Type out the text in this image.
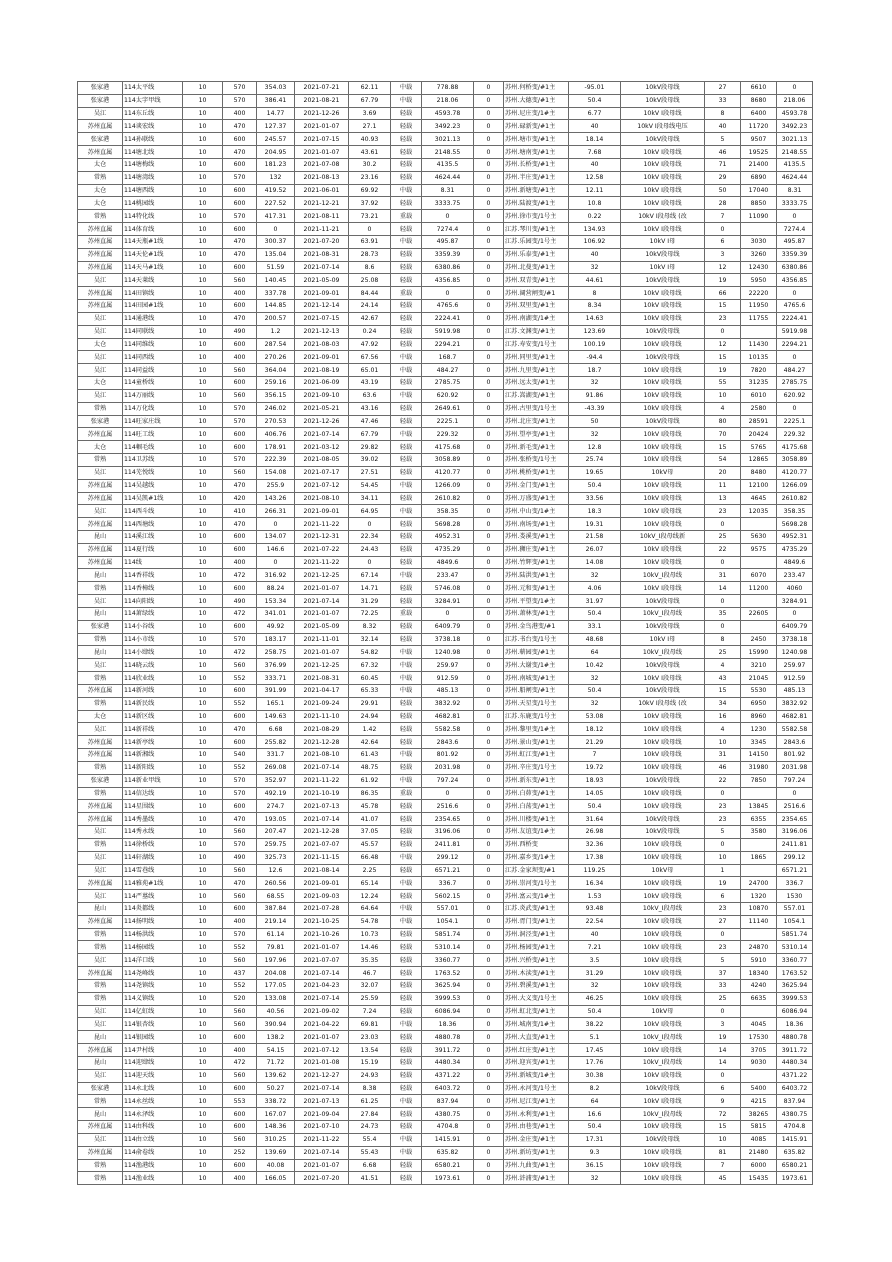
张家港	114太平线	10	570	354.03	2021-07-21	62.11	中载	778.88	0	苏州.何桥变/#1主	-95.01	10kV段母线	27	6610	0
张家港	114太字甲线	10	570	386.41	2021-08-21	67.79	中载	218.06	0	苏州.大德变/#1主	50.4	10kV段母线	33	8680	218.06
吴江	114东丘线	10	400	14.77	2021-12-26	3.69	轻载	4593.78	0	苏州.尼庄变/1#主	6.77	10kV I段母线	8	6400	4593.78
苏州直属	114谈宏线	10	470	127.37	2021-01-07	27.1	轻载	3492.23	0	苏州.碌新变/#1主	40	10kV I段母线电压	40	11720	3492.23
张家港	114孙联线	10	600	245.57	2021-07-15	40.93	轻载	3021.13	0	苏州.塘市变/#1主	18.14	10kV段母线	5	9507	3021.13
苏州直属	114塘北线	10	470	204.95	2021-01-07	43.61	轻载	2148.55	0	苏州.塘南变/#1主	7.68	10kV I段母线	46	19525	2148.55
太仓	114塘梅线	10	600	181.23	2021-07-08	30.2	轻载	4135.5	0	苏州.长桥变/#1主	40	10kV I段母线	71	21400	4135.5
常熟	114塘湾线	10	570	132	2021-08-13	23.16	轻载	4624.44	0	苏州.半庄变/#1主	12.58	10kV I段母线	29	6890	4624.44
太仓	114塘西线	10	600	419.52	2021-06-01	69.92	中载	8.31	0	苏州.新塘变/#1主	12.11	10kV I段母线	50	17040	8.31
太仓	114桃园线	10	600	227.52	2021-12-21	37.92	轻载	3333.75	0	苏州.陆渡变/#1主	10.8	10kV I段母线	28	8850	3333.75
常熟	114特化线	10	570	417.31	2021-08-11	73.21	重载	0	0	苏州.徐市变/1号主	0.22	10kV I段母线 (改	7	11090	0
苏州直属	114体育线	10	600	0	2021-11-21	0	轻载	7274.4	0	江苏.琴川变/#1主	134.93	10kV I段母线	0		7274.4
苏州直属	114天瓶#1线	10	470	300.37	2021-07-20	63.91	中载	495.87	0	江苏.乐园变/1号主	106.92	10kV I母	6	3030	495.87
苏州直属	114天伦#1线	10	470	135.04	2021-08-31	28.73	轻载	3359.39	0	苏州.乐泰变/#1主	40	10kV段母线	3	3260	3359.39
苏州直属	114天马#1线	10	600	51.59	2021-07-14	8.6	轻载	6380.86	0	苏州.北曼变/#1主	32	10kV I母	12	12430	6380.86
吴江	114天莱线	10	560	140.45	2021-05-09	25.08	轻载	4356.85	0	苏州.双青变/#1主	44.61	10kV段母线	19	5950	4356.85
苏州直属	114田镇线	10	400	337.78	2021-09-01	84.44	重载	0	0	苏州.阔营闸变/#1	8	10kV I段母线	66	22220	0
苏州直属	114田园#1线	10	600	144.85	2021-12-14	24.14	轻载	4765.6	0	苏州.双里变/#1主	8.34	10kV I段母线	15	11950	4765.6
吴江	114通港线	10	470	200.57	2021-07-15	42.67	轻载	2224.41	0	苏州.南湖变/1#主	14.63	10kV I段母线	23	11755	2224.41
吴江	114同联线	10	490	1.2	2021-12-13	0.24	轻载	5919.98	0	江苏.文渊变/#1主	123.69	10kV段母线	0		5919.98
太仓	114同维线	10	600	287.54	2021-08-03	47.92	轻载	2294.21	0	江苏.寿安变/1号主	100.19	10kV I段母线	12	11430	2294.21
吴江	114同西线	10	400	270.26	2021-09-01	67.56	中载	168.7	0	苏州.同里变/#1主	-94.4	10kV段母线	15	10135	0
吴江	114同益线	10	560	364.04	2021-08-19	65.01	中载	484.27	0	苏州.九里变/#1主	18.7	10kV I段母线	19	7820	484.27
太仓	114童桥线	10	600	259.16	2021-06-09	43.19	轻载	2785.75	0	苏州.远太变/#1主	32	10kV I段母线	55	31235	2785.75
吴江	114万丽线	10	560	356.15	2021-09-10	63.6	中载	620.92	0	江苏.嵩湖变/#1主	91.86	10kV I段母线	10	6010	620.92
常熟	114万化线	10	570	246.02	2021-05-21	43.16	轻载	2649.61	0	苏州.古里变/1号主	-43.39	10kV I段母线	4	2580	0
张家港	114旺家庄线	10	570	270.53	2021-12-26	47.46	轻载	2225.1	0	苏州.北庄变/#1主	50	10kV段母线	80	28591	2225.1
苏州直属	114旺工线	10	600	406.76	2021-07-14	67.79	中载	229.32	0	苏州.望亭变/#1主	32	10kV I段母线	70	20424	229.32
太仓	114帼毛线	10	600	178.91	2021-03-12	29.82	轻载	4175.68	0	苏州.新毛变/#1主	12.8	10kV I段母线	15	5765	4175.68
常熟	114卫苏线	10	570	222.39	2021-08-05	39.02	轻载	3058.89	0	苏州.张桥变/1号主	25.74	10kV I段母线	54	12865	3058.89
吴江	114芜悦线	10	560	154.08	2021-07-17	27.51	轻载	4120.77	0	苏州.桃桥变/#1主	19.65	10kV母	20	8480	4120.77
苏州直属	114吴越线	10	470	255.9	2021-07-12	54.45	中载	1266.09	0	苏州.金门变/#1主	50.4	10kV I段母线	11	12100	1266.09
苏州直属	114吴凯#1线	10	420	143.26	2021-08-10	34.11	轻载	2610.82	0	苏州.万盛变/#1主	33.56	10kV I段母线	13	4645	2610.82
吴江	114西斗线	10	410	266.31	2021-09-01	64.95	中载	358.35	0	苏州.中山变/1#主	18.3	10kV I段母线	23	12035	358.35
苏州直属	114西塘线	10	470	0	2021-11-22	0	轻载	5698.28	0	苏州.南场变/#1主	19.31	10kV I段母线	0		5698.28
昆山	114溪江线	10	600	134.07	2021-12-31	22.34	轻载	4952.31	0	苏州.娄溪变/#1主	21.58	10kV_I段母线新	25	5630	4952.31
苏州直属	114夏行线	10	600	146.6	2021-07-22	24.43	轻载	4735.29	0	苏州.狮庄变/#1主	26.07	10kV I段母线	22	9575	4735.29
苏州直属	114线	10	400	0	2021-11-22	0	轻载	4849.6	0	苏州.竹辉变/#1主	14.08	10kV I段母线	0		4849.6
昆山	114香祥线	10	472	316.92	2021-12-25	67.14	中载	233.47	0	苏州.陆洪变/#1主	32	10kV_I段母线	31	6070	233.47
常熟	114香樟线	10	600	88.24	2021-01-07	14.71	轻载	5746.08	0	苏州.元和变/#1主	4.06	10kV I段母线	14	11200	4060
吴江	114向阳线	10	490	153.34	2021-07-14	31.29	轻载	3284.91	0	苏州.平望变/1#主	31.97	10kV段母线	0		3284.91
昆山	114萧绿线	10	472	341.01	2021-01-07	72.25	重载	0	0	苏州.萧林变/#1主	50.4	10kV_I段母线	35	22605	0
张家港	114小谷线	10	600	49.92	2021-05-09	8.32	轻载	6409.79	0	苏州.金鸟港变/#1	33.1	10kV段母线	0		6409.79
常熟	114小市线	10	570	183.17	2021-11-01	32.14	轻载	3738.18	0	江苏.书台变/1号主	48.68	10kV I母	8	2450	3738.18
昆山	114小肆线	10	472	258.75	2021-01-07	54.82	中载	1240.98	0	苏州.蕲园变/#1主	64	10kV_I段母线	25	15990	1240.98
吴江	114晓云线	10	560	376.99	2021-12-25	67.32	中载	259.97	0	苏州.大谢变/1#主	10.42	10kV段母线	4	3210	259.97
常熟	114欣业线	10	552	333.71	2021-08-31	60.45	中载	912.59	0	苏州.南城变/#1主	32	10kV I段母线	43	21045	912.59
苏州直属	114新河线	10	600	391.99	2021-04-17	65.33	中载	485.13	0	苏州.船闸变/#1主	50.4	10kV段母线	15	5530	485.13
常熟	114新民线	10	552	165.1	2021-09-24	29.91	轻载	3832.92	0	苏州.天星变/1号主	32	10kV I段母线 (改	34	6950	3832.92
太仓	114新区线	10	600	149.63	2021-11-10	24.94	轻载	4682.81	0	江苏.东鹿变/1号主	53.08	10kV I段母线	16	8960	4682.81
吴江	114新祥线	10	470	6.68	2021-08-29	1.42	轻载	5582.58	0	苏州.黎里变/1#主	18.12	10kV I段母线	4	1230	5582.58
苏州直属	114新亭线	10	600	255.82	2021-12-28	42.64	轻载	2843.6	0	苏州.景山变/#1主	21.29	10kV I段母线	10	3345	2843.6
苏州直属	114新湘线	10	540	331.7	2021-08-10	61.43	中载	801.92	0	苏州.虹江变/#1主	7	10kV I段母线	31	14150	801.92
常熟	114新阳线	10	552	269.08	2021-07-14	48.75	轻载	2031.98	0	苏州.辛庄变/1号主	19.72	10kV I段母线	46	31980	2031.98
张家港	114新业甲线	10	570	352.97	2021-11-22	61.92	中载	797.24	0	苏州.新东变/#1主	18.93	10kV段母线	22	7850	797.24
常熟	114信达线	10	570	492.19	2021-10-19	86.35	重载	0	0	苏州.白茆变/#1主	14.05	10kV I段母线	0		0
苏州直属	114星围线	10	600	274.7	2021-07-13	45.78	轻载	2516.6	0	苏州.白荡变/#1主	50.4	10kV I段母线	23	13845	2516.6
苏州直属	114秀墨线	10	470	193.05	2021-07-14	41.07	轻载	2354.65	0	苏州.川楼变/#1主	31.64	10kV段母线	23	6355	2354.65
吴江	114秀永线	10	560	207.47	2021-12-28	37.05	轻载	3196.06	0	苏州.友谊变/1#主	26.98	10kV段母线	5	3580	3196.06
常熟	114徐桥线	10	570	259.75	2021-07-07	45.57	轻载	2411.81	0	苏州.西桥变	32.36	10kV I段母线	0		2411.81
吴江	114轩湖线	10	490	325.73	2021-11-15	66.48	中载	299.12	0	苏州.嘉乡变/1#主	17.38	10kV I段母线	10	1865	299.12
吴江	114雪巷线	10	560	12.6	2021-08-14	2.25	轻载	6571.21	0	江苏.金家坝变/#1	119.25	10kV母	1		6571.21
苏州直属	114雅苑#1线	10	470	260.56	2021-09-01	65.14	中载	336.7	0	苏州.崇河变/1号主	16.34	10kV I段母线	19	24700	336.7
吴江	114严墓线	10	560	68.55	2021-09-03	12.24	轻载	5602.15	0	苏州.富云变/1#主	1.53	10kV I段母线	6	1320	1530
昆山	114炎都线	10	600	387.84	2021-07-28	64.64	中载	557.01	0	江苏.炎武变/#1主	93.48	10kV_I段母线	23	10870	557.01
苏州直属	114扬明线	10	400	219.14	2021-10-25	54.78	中载	1054.1	0	苏州.胥门变/#1主	22.54	10kV I段母线	27	11140	1054.1
常熟	114杨洪线	10	570	61.14	2021-10-26	10.73	轻载	5851.74	0	苏州.洞泾变/#1主	40	10kV I段母线	0		5851.74
常熟	114杨园线	10	552	79.81	2021-01-07	14.46	轻载	5310.14	0	苏州.杨园变/#1主	7.21	10kV I段母线	23	24870	5310.14
吴江	114洋口线	10	560	197.96	2021-07-07	35.35	轻载	3360.77	0	苏州.兴桥变/#1主	3.5	10kV I段母线	5	5910	3360.77
苏州直属	114尧峰线	10	437	204.08	2021-07-14	46.7	轻载	1763.52	0	苏州.木渎变/#1主	31.29	10kV I段母线	37	18340	1763.52
常熟	114尧镇线	10	552	177.05	2021-04-23	32.07	轻载	3625.94	0	苏州.碧溪变/#1主	32	10kV I段母线	33	4240	3625.94
常熟	114义镇线	10	520	133.08	2021-07-14	25.59	轻载	3999.53	0	苏州.大义变/1号主	46.25	10kV I段母线	25	6635	3999.53
吴江	114亿虹线	10	560	40.56	2021-09-02	7.24	轻载	6086.94	0	苏州.虹北变/#1主	50.4	10kV母	0		6086.94
吴江	114银杏线	10	560	390.94	2021-04-22	69.81	中载	18.36	0	苏州.城南变/1#主	38.22	10kV I段母线	3	4045	18.36
昆山	114银园线	10	600	138.2	2021-01-07	23.03	轻载	4880.78	0	苏州.大直变/#1主	5.1	10kV_I段母线	19	17530	4880.78
苏州直属	114尹村线	10	400	54.15	2021-07-12	13.54	轻载	3911.72	0	苏州.红庄变/#1主	17.45	10kV I段母线	14	3705	3911.72
昆山	114迎肆线	10	472	71.72	2021-01-08	15.19	轻载	4480.34	0	苏州.迎宾变/#1主	17.76	10kV_I段母线	14	9030	4480.34
吴江	114迎天线	10	560	139.62	2021-12-27	24.93	轻载	4371.22	0	苏州.新城变/1#主	30.38	10kV I段母线	0		4371.22
张家港	114永北线	10	600	50.27	2021-07-14	8.38	轻载	6403.72	0	苏州.永河变/1号主	8.2	10kV段母线	6	5400	6403.72
常熟	114永丝线	10	553	338.72	2021-07-13	61.25	中载	837.94	0	苏州.尼江变/#1主	64	10kV I段母线	9	4215	837.94
昆山	114永泽线	10	600	167.07	2021-09-04	27.84	轻载	4380.75	0	苏州.永利变/#1主	16.6	10kV_I段母线	72	38265	4380.75
苏州直属	114由科线	10	600	148.36	2021-07-10	24.73	轻载	4704.8	0	苏州.由巷变/#1主	50.4	10kV I段母线	15	5815	4704.8
吴江	114由立线	10	560	310.25	2021-11-22	55.4	中载	1415.91	0	苏州.金庄变/#1主	17.31	10kV段母线	10	4085	1415.91
苏州直属	114俞卷线	10	252	139.69	2021-07-14	55.43	中载	635.82	0	苏州.新坊变/#1主	9.3	10kV I段母线	81	21480	635.82
常熟	114渔港线	10	600	40.08	2021-01-07	6.68	轻载	6580.21	0	苏州.九曲变/#1主	36.15	10kV I段母线	7	6000	6580.21
常熟	114渔业线	10	400	166.05	2021-07-20	41.51	轻载	1973.61	0	苏州.浒浦变/#1主	32	10kV I段母线	45	15435	1973.61
